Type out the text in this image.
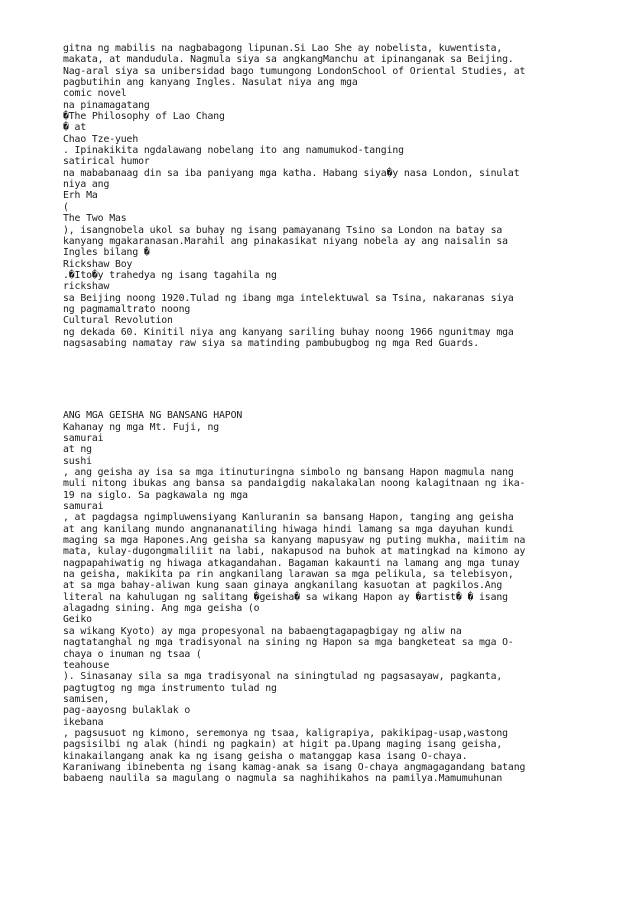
gitna ng mabilis na nagbabagong lipunan.Si Lao She ay nobelista, kuwentista,
makata, at mandudula. Nagmula siya sa angkangManchu at ipinanganak sa Beijing.
Nag-aral siya sa unibersidad bago tumungong LondonSchool of Oriental Studies, at
pagbutihin ang kanyang Ingles. Nasulat niya ang mga
comic novel
na pinamagatang
�The Philosophy of Lao Chang
� at
Chao Tze-yueh
. Ipinakikita ngdalawang nobelang ito ang namumukod-tanging
satirical humor
na mababanaag din sa iba paniyang mga katha. Habang siya�y nasa London, sinulat
niya ang
Erh Ma
(
The Two Mas
), isangnobela ukol sa buhay ng isang pamayanang Tsino sa London na batay sa
kanyang mgakaranasan.Marahil ang pinakasikat niyang nobela ay ang naisalin sa
Ingles bilang �
Rickshaw Boy
.�Ito�y trahedya ng isang tagahila ng
rickshaw
sa Beijing noong 1920.Tulad ng ibang mga intelektuwal sa Tsina, nakaranas siya
ng pagmamaltrato noong
Cultural Revolution
ng dekada 60. Kinitil niya ang kanyang sariling buhay noong 1966 ngunitmay mga
nagsasabing namatay raw siya sa matinding pambubugbog ng mga Red Guards.
ANG MGA GEISHA NG BANSANG HAPON
Kahanay ng mga Mt. Fuji, ng
samurai
at ng
sushi
, ang geisha ay isa sa mga itinuturingna simbolo ng bansang Hapon magmula nang
muli nitong ibukas ang bansa sa pandaigdig nakalakalan noong kalagitnaan ng ika-
19 na siglo. Sa pagkawala ng mga
samurai
, at pagdagsa ngimpluwensiyang Kanluranin sa bansang Hapon, tanging ang geisha
at ang kanilang mundo angnananatiling hiwaga hindi lamang sa mga dayuhan kundi
maging sa mga Hapones.Ang geisha sa kanyang mapusyaw ng puting mukha, maiitim na
mata, kulay-dugongmaliliit na labi, nakapusod na buhok at matingkad na kimono ay
nagpapahiwatig ng hiwaga atkagandahan. Bagaman kakaunti na lamang ang mga tunay
na geisha, makikita pa rin angkanilang larawan sa mga pelikula, sa telebisyon,
at sa mga bahay-aliwan kung saan ginaya angkanilang kasuotan at pagkilos.Ang
literal na kahulugan ng salitang �geisha� sa wikang Hapon ay �artist� � isang
alagadng sining. Ang mga geisha (o
Geiko
sa wikang Kyoto) ay mga propesyonal na babaengtagapagbigay ng aliw na
nagtatanghal ng mga tradisyonal na sining ng Hapon sa mga bangketeat sa mga O-
chaya o inuman ng tsaa (
teahouse
). Sinasanay sila sa mga tradisyonal na siningtulad ng pagsasayaw, pagkanta,
pagtugtog ng mga instrumento tulad ng
samisen,
pag-aayosng bulaklak o
ikebana
, pagsusuot ng kimono, seremonya ng tsaa, kaligrapiya, pakikipag-usap,wastong
pagsisilbi ng alak (hindi ng pagkain) at higit pa.Upang maging isang geisha,
kinakailangang anak ka ng isang geisha o matanggap kasa isang O-chaya.
Karaniwang ibinebenta ng isang kamag-anak sa isang O-chaya angmagagandang batang
babaeng naulila sa magulang o nagmula sa naghihikahos na pamilya.Mamumuhunan
